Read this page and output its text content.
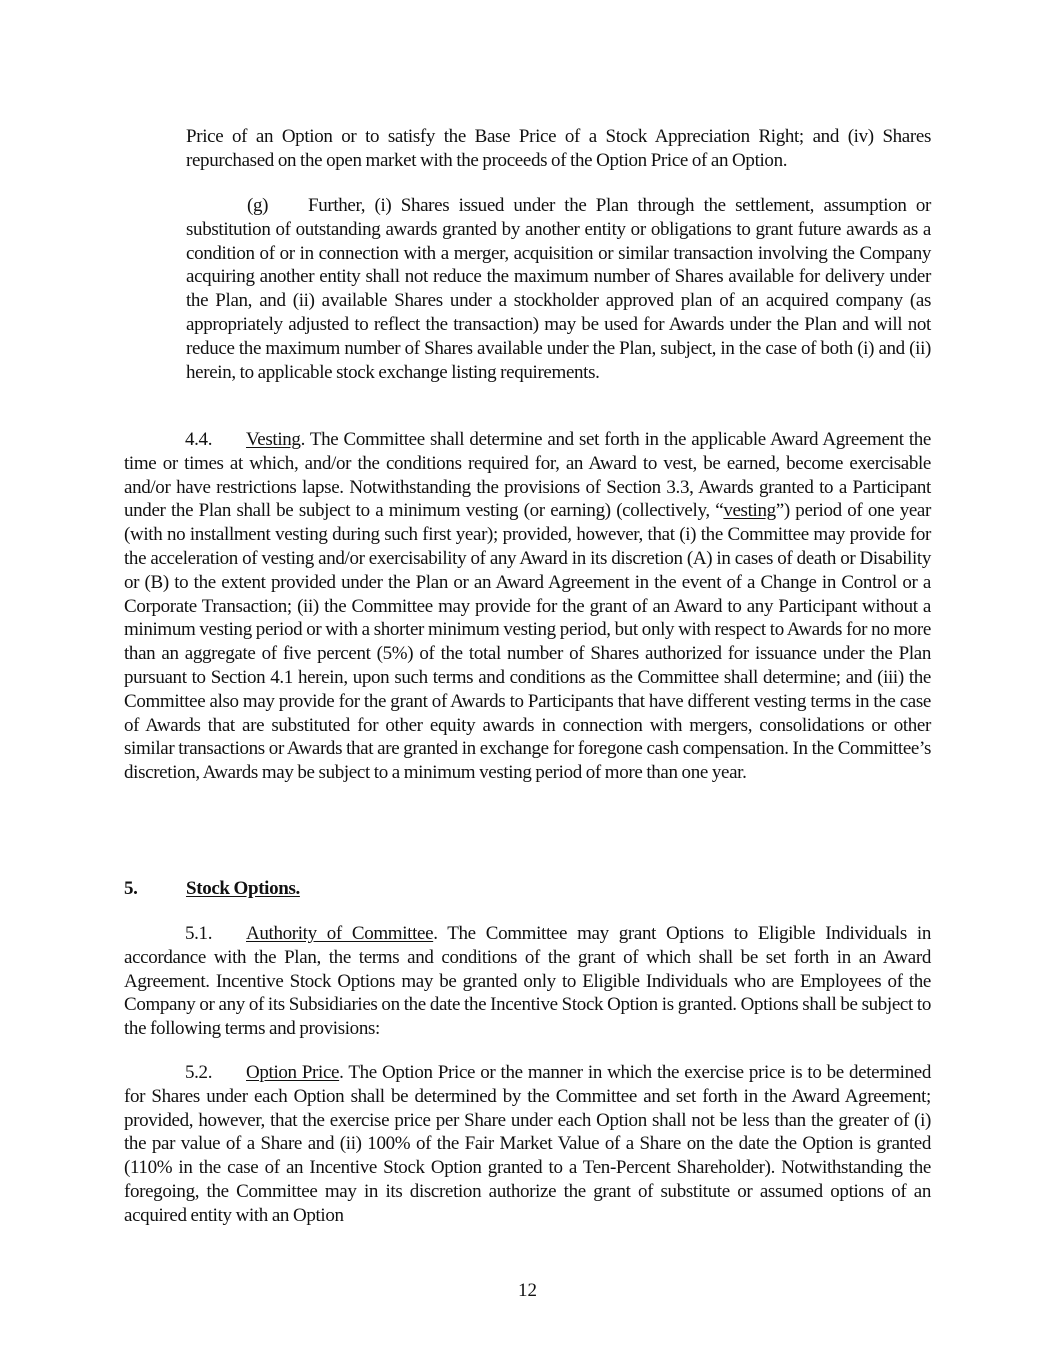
Price of an Option or to satisfy the Base Price of a Stock Appreciation Right; and (iv) Shares repurchased on the open market with the proceeds of the Option Price of an Option.

(g) Further, (i) Shares issued under the Plan through the settlement, assumption or substitution of outstanding awards granted by another entity or obligations to grant future awards as a condition of or in connection with a merger, acquisition or similar transaction involving the Company acquiring another entity shall not reduce the maximum number of Shares available for delivery under the Plan, and (ii) available Shares under a stockholder approved plan of an acquired company (as appropriately adjusted to reflect the transaction) may be used for Awards under the Plan and will not reduce the maximum number of Shares available under the Plan, subject, in the case of both (i) and (ii) herein, to applicable stock exchange listing requirements.

4.4. Vesting. The Committee shall determine and set forth in the applicable Award Agreement the time or times at which, and/or the conditions required for, an Award to vest, be earned, become exercisable and/or have restrictions lapse. Notwithstanding the provisions of Section 3.3, Awards granted to a Participant under the Plan shall be subject to a minimum vesting (or earning) (collectively, “vesting”) period of one year (with no installment vesting during such first year); provided, however, that (i) the Committee may provide for the acceleration of vesting and/or exercisability of any Award in its discretion (A) in cases of death or Disability or (B) to the extent provided under the Plan or an Award Agreement in the event of a Change in Control or a Corporate Transaction; (ii) the Committee may provide for the grant of an Award to any Participant without a minimum vesting period or with a shorter minimum vesting period, but only with respect to Awards for no more than an aggregate of five percent (5%) of the total number of Shares authorized for issuance under the Plan pursuant to Section 4.1 herein, upon such terms and conditions as the Committee shall determine; and (iii) the Committee also may provide for the grant of Awards to Participants that have different vesting terms in the case of Awards that are substituted for other equity awards in connection with mergers, consolidations or other similar transactions or Awards that are granted in exchange for foregone cash compensation. In the Committee’s discretion, Awards may be subject to a minimum vesting period of more than one year.

5.	Stock Options.

5.1. Authority of Committee. The Committee may grant Options to Eligible Individuals in accordance with the Plan, the terms and conditions of the grant of which shall be set forth in an Award Agreement. Incentive Stock Options may be granted only to Eligible Individuals who are Employees of the Company or any of its Subsidiaries on the date the Incentive Stock Option is granted. Options shall be subject to the following terms and provisions:

5.2. Option Price. The Option Price or the manner in which the exercise price is to be determined for Shares under each Option shall be determined by the Committee and set forth in the Award Agreement; provided, however, that the exercise price per Share under each Option shall not be less than the greater of (i) the par value of a Share and (ii) 100% of the Fair Market Value of a Share on the date the Option is granted (110% in the case of an Incentive Stock Option granted to a Ten-Percent Shareholder). Notwithstanding the foregoing, the Committee may in its discretion authorize the grant of substitute or assumed options of an acquired entity with an Option

12
